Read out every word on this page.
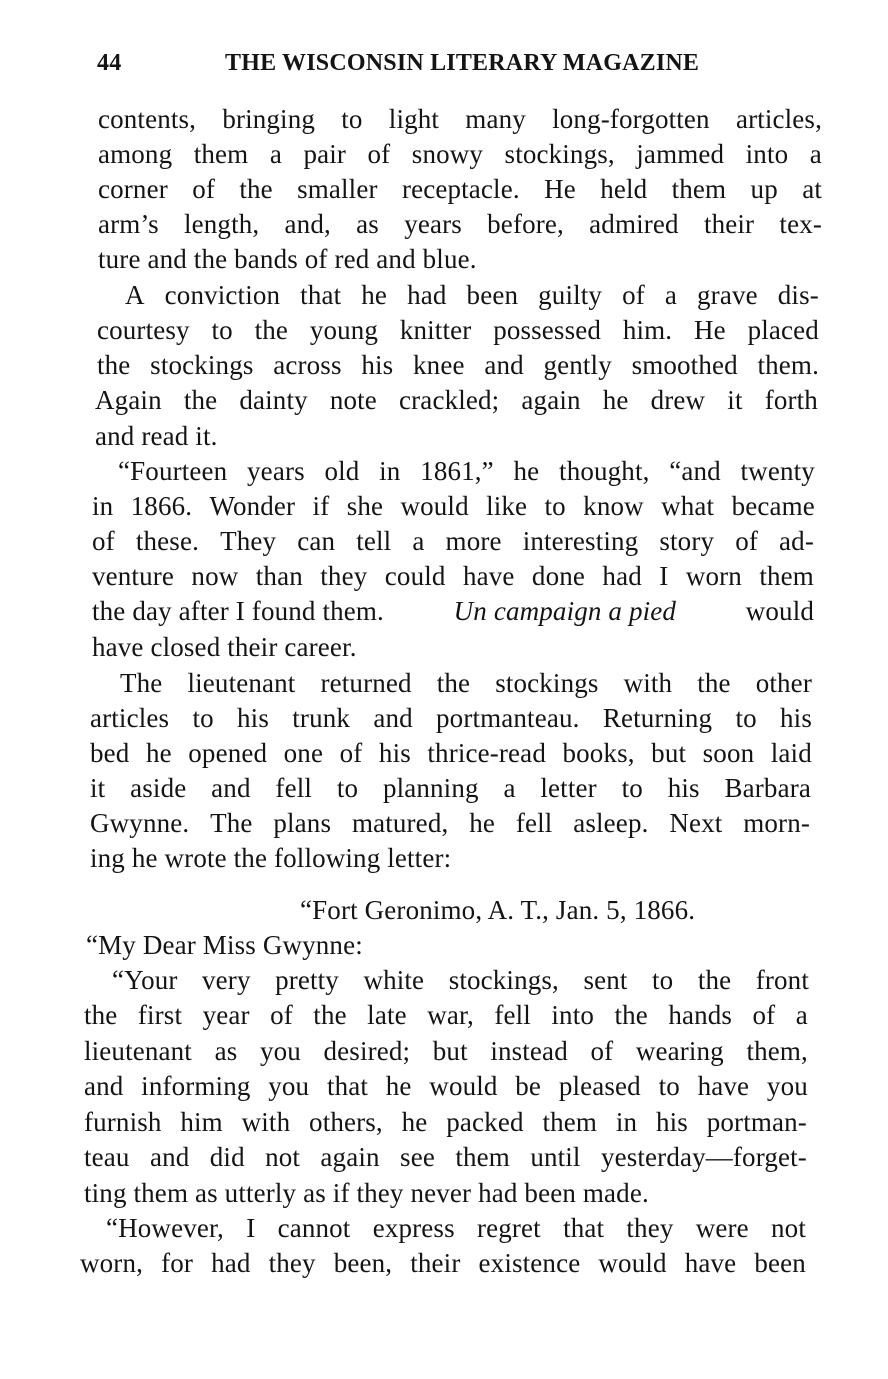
44	THE WISCONSIN LITERARY MAGAZINE
contents, bringing to light many long-forgotten articles,
among them a pair of snowy stockings, jammed into a
corner of the smaller receptacle. He held them up at
arm’s length, and, as years before, admired their tex-
ture and the bands of red and blue.
A conviction that he had been guilty of a grave dis-
courtesy to the young knitter possessed him. He placed
the stockings across his knee and gently smoothed them.
Again the dainty note crackled; again he drew it forth
and read it.
“Fourteen years old in 1861,” he thought, “and twenty
in 1866. Wonder if she would like to know what became
of these. They can tell a more interesting story of ad-
venture now than they could have done had I worn them
the day after I found them.	Un campaign a pied	would
have closed their career.
The lieutenant returned the stockings with the other
articles to his trunk and portmanteau. Returning to his
bed he opened one of his thrice-read books, but soon laid
it aside and fell to planning a letter to his Barbara
Gwynne. The plans matured, he fell asleep. Next morn-
ing he wrote the following letter:
“Fort Geronimo, A. T., Jan. 5, 1866.
“My Dear Miss Gwynne:
“Your very pretty white stockings, sent to the front
the first year of the late war, fell into the hands of a
lieutenant as you desired; but instead of wearing them,
and informing you that he would be pleased to have you
furnish him with others, he packed them in his portman-
teau and did not again see them until yesterday—forget-
ting them as utterly as if they never had been made.
“However, I cannot express regret that they were not
worn, for had they been, their existence would have been
